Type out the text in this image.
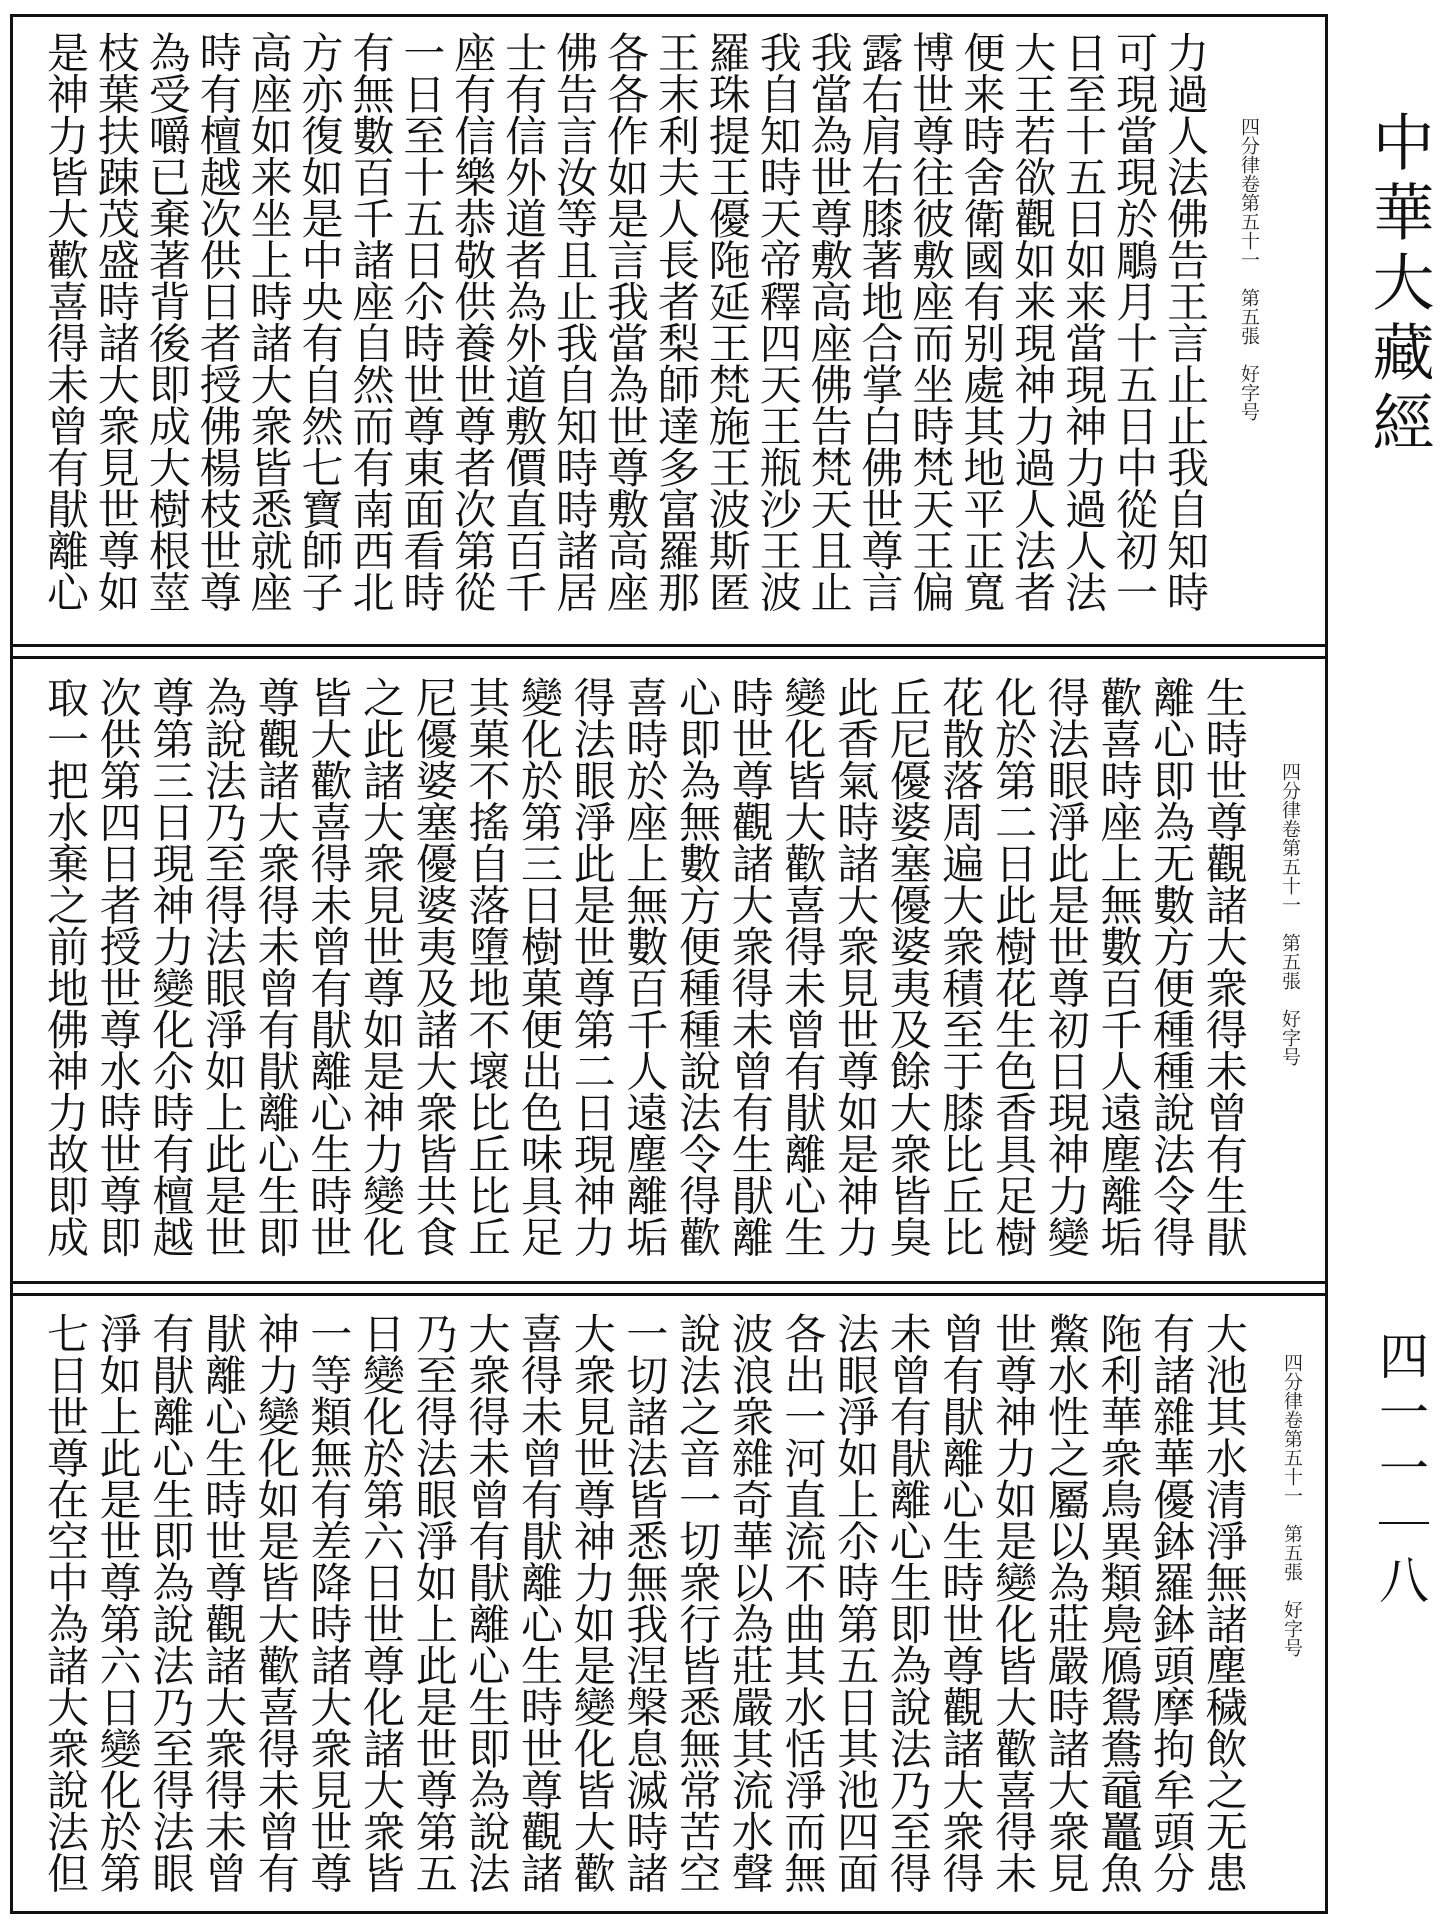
中華大藏經
四一一｜八
四分律卷第五十一　第五張　好字号
力過人法佛告王言止止我自知時
可現當現於鵰月十五日中從初一
日至十五日如来當現神力過人法
大王若欲觀如来現神力過人法者
便来時舍衛國有别處其地平正寬
博世尊往彼敷座而坐時梵天王偏
露右肩右膝著地合掌白佛世尊言
我當為世尊敷高座佛告梵天且止
我自知時天帝釋四天王瓶沙王波
羅珠提王優陁延王梵施王波斯匿
王末利夫人長者梨師達多富羅那
各各作如是言我當為世尊敷高座
佛告言汝等且止我自知時時諸居
士有信外道者為外道敷價直百千
座有信樂恭敬供養世尊者次第從
一日至十五日尒時世尊東面看時
有無數百千諸座自然而有南西北
方亦復如是中央有自然七寶師子
高座如来坐上時諸大衆皆悉就座
時有檀越次供日者授佛楊枝世尊
為受嚼已棄著背後即成大樹根莖
枝葉扶踈茂盛時諸大衆見世尊如
是神力皆大歡喜得未曾有猒離心
四分律卷第五十一　第五張　好字号
生時世尊觀諸大衆得未曾有生猒
離心即為无數方便種種說法令得
歡喜時座上無數百千人遠塵離垢
得法眼淨此是世尊初日現神力變
化於第二日此樹花生色香具足樹
花散落周遍大衆積至于膝比丘比
丘尼優婆塞優婆夷及餘大衆皆臭
此香氣時諸大衆見世尊如是神力
變化皆大歡喜得未曾有猒離心生
時世尊觀諸大衆得未曾有生猒離
心即為無數方便種種說法令得歡
喜時於座上無數百千人遠塵離垢
得法眼淨此是世尊第二日現神力
變化於第三日樹菓便出色味具足
其菓不搖自落墮地不壞比丘比丘
尼優婆塞優婆夷及諸大衆皆共食
之此諸大衆見世尊如是神力變化
皆大歡喜得未曾有猒離心生時世
尊觀諸大衆得未曾有猒離心生即
為說法乃至得法眼淨如上此是世
尊第三日現神力變化尒時有檀越
次供第四日者授世尊水時世尊即
取一把水棄之前地佛神力故即成
四分律卷第五十一　第五張　好字号
大池其水清淨無諸塵穢飲之无患
有諸雜華優鉢羅鉢頭摩拘牟頭分
陁利華衆鳥異類鳧鴈鴛鴦黿鼉魚
鱉水性之屬以為莊嚴時諸大衆見
世尊神力如是變化皆大歡喜得未
曾有猒離心生時世尊觀諸大衆得
未曾有猒離心生即為說法乃至得
法眼淨如上尒時第五日其池四面
各出一河直流不曲其水恬淨而無
波浪衆雜奇華以為莊嚴其流水聲
說法之音一切衆行皆悉無常苦空
一切諸法皆悉無我涅槃息滅時諸
大衆見世尊神力如是變化皆大歡
喜得未曾有猒離心生時世尊觀諸
大衆得未曾有猒離心生即為說法
乃至得法眼淨如上此是世尊第五
日變化於第六日世尊化諸大衆皆
一等類無有差降時諸大衆見世尊
神力變化如是皆大歡喜得未曾有
猒離心生時世尊觀諸大衆得未曾
有猒離心生即為說法乃至得法眼
淨如上此是世尊第六日變化於第
七日世尊在空中為諸大衆說法但
